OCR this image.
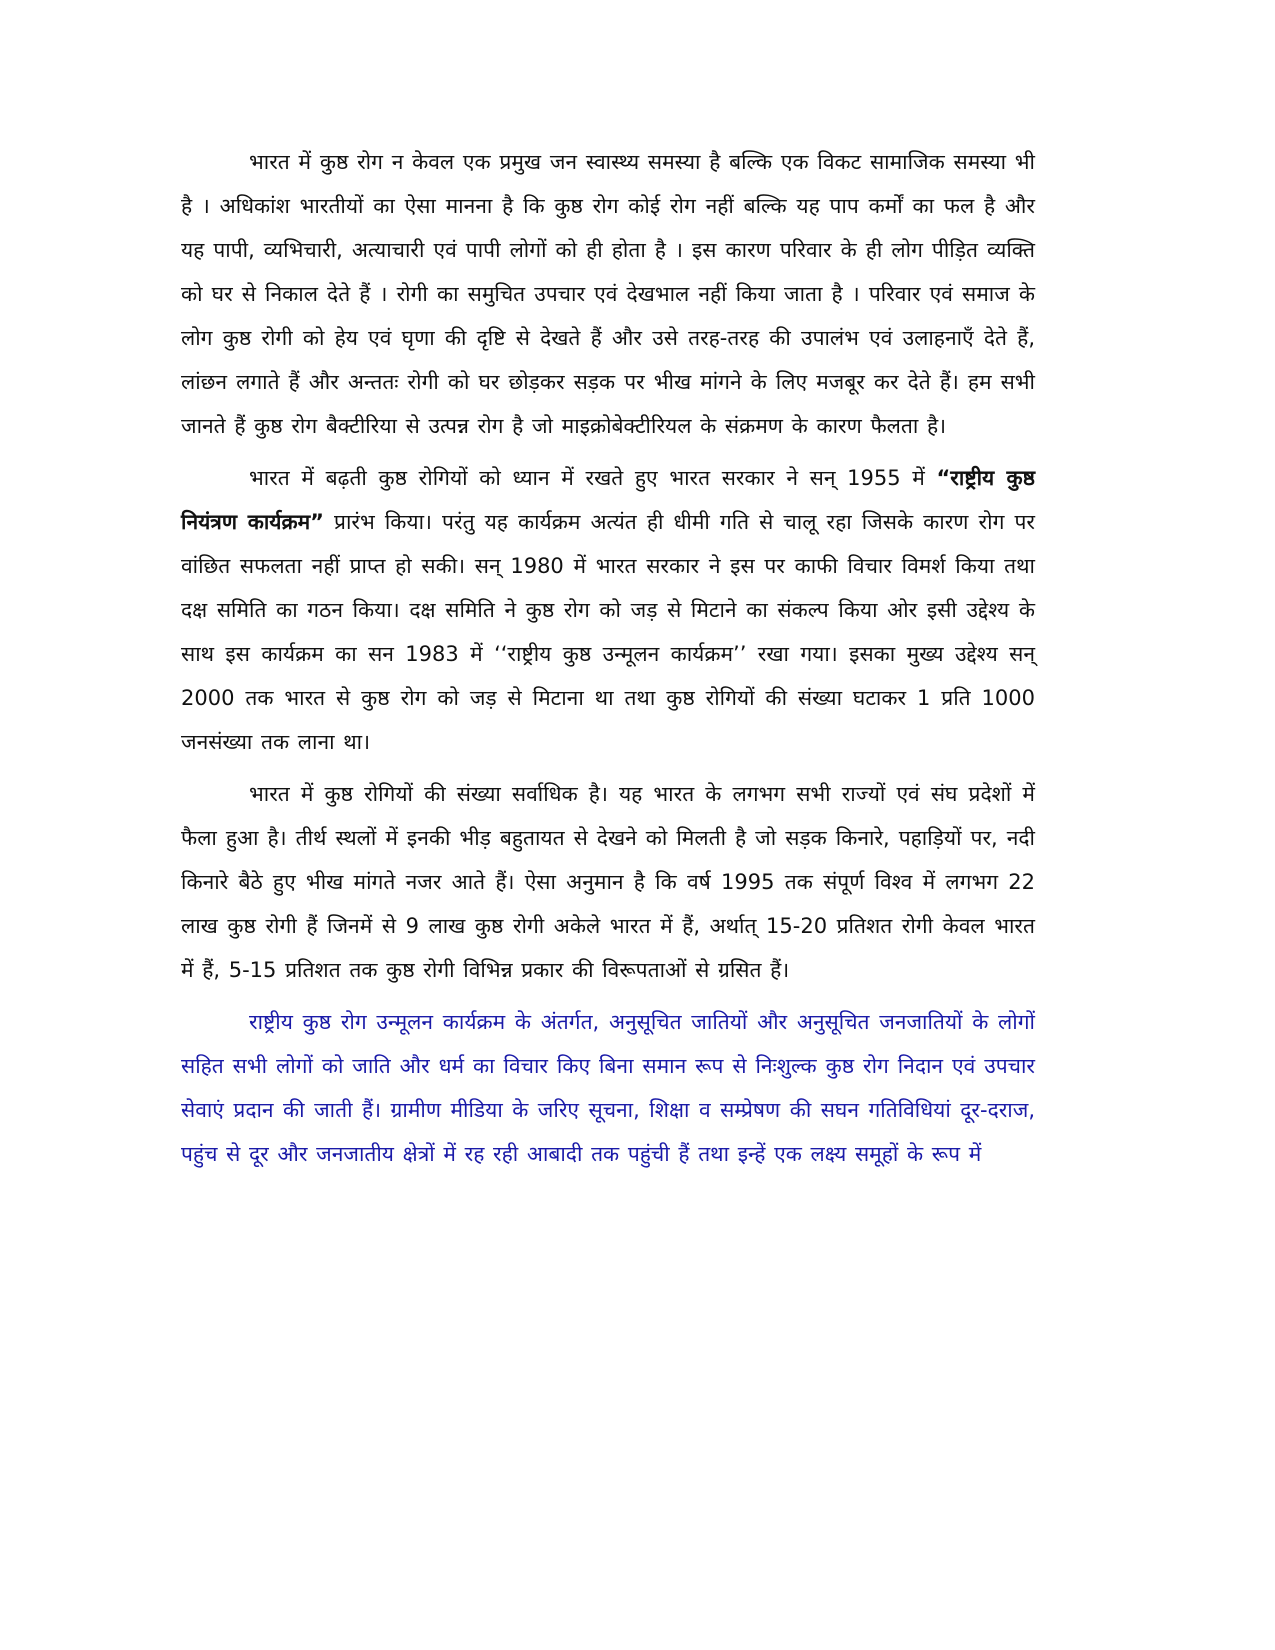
भारत में कुष्ठ रोग न केवल एक प्रमुख जन स्वास्थ्य समस्या है बल्कि एक विकट सामाजिक समस्या भी है । अधिकांश भारतीयों का ऐसा मानना है कि कुष्ठ रोग कोई रोग नहीं बल्कि यह पाप कर्मों का फल है और यह पापी, व्यभिचारी, अत्याचारी एवं पापी लोगों को ही होता है । इस कारण परिवार के ही लोग पीड़ित व्यक्ति को घर से निकाल देते हैं । रोगी का समुचित उपचार एवं देखभाल नहीं किया जाता है । परिवार एवं समाज के लोग कुष्ठ रोगी को हेय एवं घृणा की दृष्टि से देखते हैं और उसे तरह-तरह की उपालंभ एवं उलाहनाएँ देते हैं, लांछन लगाते हैं और अन्ततः रोगी को घर छोड़कर सड़क पर भीख मांगने के लिए मजबूर कर देते हैं। हम सभी जानते हैं कुष्ठ रोग बैक्टीरिया से उत्पन्न रोग है जो माइक्रोबेक्टीरियल के संक्रमण के कारण फैलता है।

भारत में बढ़ती कुष्ठ रोगियों को ध्यान में रखते हुए भारत सरकार ने सन् 1955 में “राष्ट्रीय कुष्ठ नियंत्रण कार्यक्रम” प्रारंभ किया। परंतु यह कार्यक्रम अत्यंत ही धीमी गति से चालू रहा जिसके कारण रोग पर वांछित सफलता नहीं प्राप्त हो सकी। सन् 1980 में भारत सरकार ने इस पर काफी विचार विमर्श किया तथा दक्ष समिति का गठन किया। दक्ष समिति ने कुष्ठ रोग को जड़ से मिटाने का संकल्प किया ओर इसी उद्देश्य के साथ इस कार्यक्रम का सन 1983 में ‘‘राष्ट्रीय कुष्ठ उन्मूलन कार्यक्रम’’ रखा गया। इसका मुख्य उद्देश्य सन् 2000 तक भारत से कुष्ठ रोग को जड़ से मिटाना था तथा कुष्ठ रोगियों की संख्या घटाकर 1 प्रति 1000 जनसंख्या तक लाना था।

भारत में कुष्ठ रोगियों की संख्या सर्वाधिक है। यह भारत के लगभग सभी राज्यों एवं संघ प्रदेशों में फैला हुआ है। तीर्थ स्थलों में इनकी भीड़ बहुतायत से देखने को मिलती है जो सड़क किनारे, पहाड़ियों पर, नदी किनारे बैठे हुए भीख मांगते नजर आते हैं। ऐसा अनुमान है कि वर्ष 1995 तक संपूर्ण विश्व में लगभग 22 लाख कुष्ठ रोगी हैं जिनमें से 9 लाख कुष्ठ रोगी अकेले भारत में हैं, अर्थात् 15-20 प्रतिशत रोगी केवल भारत में हैं, 5-15 प्रतिशत तक कुष्ठ रोगी विभिन्न प्रकार की विरूपताओं से ग्रसित हैं।

राष्ट्रीय कुष्ठ रोग उन्मूलन कार्यक्रम के अंतर्गत, अनुसूचित जातियों और अनुसूचित जनजातियों के लोगों सहित सभी लोगों को जाति और धर्म का विचार किए बिना समान रूप से निःशुल्क कुष्ठ रोग निदान एवं उपचार सेवाएं प्रदान की जाती हैं। ग्रामीण मीडिया के जरिए सूचना, शिक्षा व सम्प्रेषण की सघन गतिविधियां दूर-दराज, पहुंच से दूर और जनजातीय क्षेत्रों में रह रही आबादी तक पहुंची हैं तथा इन्हें एक लक्ष्य समूहों के रूप में
